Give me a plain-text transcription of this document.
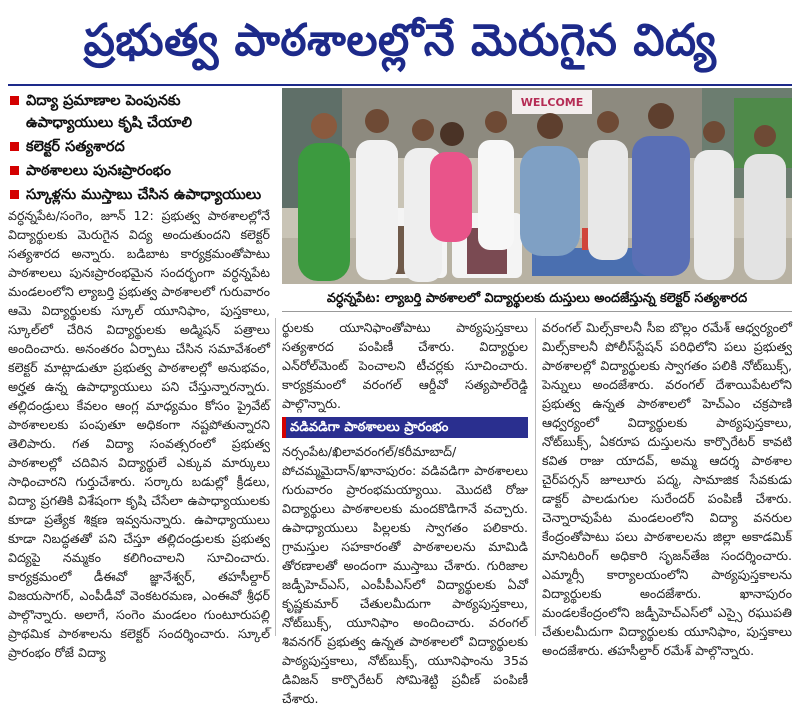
ప్రభుత్వ పాఠశాలల్లోనే మెరుగైన విద్య
విద్యా ప్రమాణాల పెంపునకు ఉపాధ్యాయులు కృషి చేయాలి
కలెక్టర్‌ సత్యశారద
పాఠశాలలు పునఃప్రారంభం
స్కూళ్లను ముస్తాబు చేసిన ఉపాధ్యాయులు

వర్ధన్నపేట/సంగెం, జూన్‌ 12: ప్రభుత్వ పాఠశాలల్లోనే విద్యార్థులకు మెరుగైన విద్య అందుతుందని కలెక్టర్‌ సత్యశారద అన్నారు. బడిబాట కార్యక్రమంతోపాటు పాఠశాలలు పునఃప్రారంభమైన సందర్భంగా వర్ధన్నపేట మండలంలోని ల్యాబర్తి ప్రభుత్వ పాఠశాలలో గురువారం ఆమె విద్యార్థులకు స్కూల్‌ యూనిఫాం, పుస్తకాలు, స్కూల్‌లో చేరిన విద్యార్థులకు అడ్మిషన్‌ పత్రాలు అందించారు. అనంతరం ఏర్పాటు చేసిన సమావేశంలో కలెక్టర్‌ మాట్లాడుతూ ప్రభుత్వ పాఠశాలల్లో అనుభవం, అర్హత ఉన్న ఉపాధ్యాయులు పని చేస్తున్నారన్నారు. తల్లిదండ్రులు కేవలం ఆంగ్ల మాధ్యమం కోసం ప్రైవేట్‌ పాఠశాలలకు పంపుతూ అధికంగా నష్టపోతున్నారని తెలిపారు. గత విద్యా సంవత్సరంలో ప్రభుత్వ పాఠశాలల్లో చదివిన విద్యార్థులే ఎక్కువ మార్కులు సాధించారని గుర్తుచేశారు. సర్కారు బడుల్లో క్రీడలు, విద్యా ప్రగతికి విశేషంగా కృషి చేసేలా ఉపాధ్యాయులకు కూడా ప్రత్యేక శిక్షణ ఇవ్వనున్నారు. ఉపాధ్యాయులు కూడా నిబద్ధతతో పని చేస్తూ తల్లిదండ్రులకు ప్రభుత్వ విద్యపై నమ్మకం కలిగించాలని సూచించారు. కార్యక్రమంలో డీఈవో జ్ఞానేశ్వర్‌, తహసీల్దార్‌ విజయసాగర్‌, ఎంపీడీవో వెంకటరమణ, ఎంఈవో శ్రీధర్‌ పాల్గొన్నారు. అలాగే, సంగెం మండలం గుంటూరుపల్లి ప్రాథమిక పాఠశాలను కలెక్టర్‌ సందర్శించారు. స్కూల్‌ ప్రారంభం రోజే విద్యా

WELCOME
వర్ధన్నపేట: ల్యాబర్తి పాఠశాలలో విద్యార్థులకు దుస్తులు అందజేస్తున్న కలెక్టర్‌ సత్యశారద

ర్థులకు యూనిఫాంతోపాటు పాఠ్యపుస్తకాలు సత్యశారద పంపిణీ చేశారు. విద్యార్థుల ఎన్‌రోల్‌మెంట్‌ పెంచాలని టీచర్లకు సూచించారు. కార్యక్రమంలో వరంగల్‌ ఆర్డీవో సత్యపాల్‌రెడ్డి పాల్గొన్నారు.

వడివడిగా పాఠశాలలు ప్రారంభం

నర్సంపేట/ఖిలావరంగల్‌/కరీమాబాద్‌/పోచమ్మమైదాన్‌/ఖానాపురం: వడివడిగా పాఠశాలలు గురువారం ప్రారంభమయ్యాయి. మొదటి రోజు విద్యార్థులు పాఠశాలలకు మందకొడిగానే వచ్చారు. ఉపాధ్యాయులు పిల్లలకు స్వాగతం పలికారు. గ్రామస్తుల సహకారంతో పాఠశాలలను మామిడి తోరణాలతో అందంగా ముస్తాబు చేశారు. గురిజాల జడ్పీహెచ్‌ఎస్‌, ఎంపీపీఎస్‌లో విద్యార్థులకు ఏవో కృష్ణకుమార్‌ చేతులమీదుగా పాఠ్యపుస్తకాలు, నోట్‌బుక్స్‌, యూనిఫాం అందించారు. వరంగల్‌ శివనగర్‌ ప్రభుత్వ ఉన్నత పాఠశాలలో విద్యార్థులకు పాఠ్యపుస్తకాలు, నోట్‌బుక్స్‌, యూనిఫాంను 35వ డివిజన్‌ కార్పొరేటర్‌ సోమిశెట్టి ప్రవీణ్‌ పంపిణీ చేశారు.

వరంగల్‌ మిల్స్‌కాలనీ సీఐ బొల్లం రమేశ్‌ ఆధ్వర్యంలో మిల్స్‌కాలనీ పోలీస్‌స్టేషన్‌ పరిధిలోని పలు ప్రభుత్వ పాఠశాలల్లో విద్యార్థులకు స్వాగతం పలికి నోట్‌బుక్స్‌, పెన్నులు అందజేశారు. వరంగల్‌ దేశాయిపేటలోని ప్రభుత్వ ఉన్నత పాఠశాలలో హెచ్‌ఎం చక్రపాణి ఆధ్వర్యంలో విద్యార్థులకు పాఠ్యపుస్తకాలు, నోట్‌బుక్స్‌, ఏకరూప దుస్తులను కార్పొరేటర్‌ కావటి కవిత రాజు యాదవ్‌, అమ్మ ఆదర్శ పాఠశాల చైర్‌పర్సన్‌ జూలూరు పద్మ, సామాజిక సేవకుడు డాక్టర్‌ పాలడుగుల సురేందర్‌ పంపిణీ చేశారు. చెన్నారావుపేట మండలంలోని విద్యా వనరుల కేంద్రంతోపాటు పలు పాఠశాలలను జిల్లా అకాడమిక్‌ మానిటరింగ్‌ అధికారి సృజన్‌తేజ సందర్శించారు. ఎమ్మార్సీ కార్యాలయంలోని పాఠ్యపుస్తకాలను విద్యార్థులకు అందజేశారు. ఖానాపురం మండలకేంద్రంలోని జడ్పీహెచ్‌ఎస్‌లో ఎస్సై రఘుపతి చేతులమీదుగా విద్యార్థులకు యూనిఫాం, పుస్తకాలు అందజేశారు. తహసీల్దార్‌ రమేశ్‌ పాల్గొన్నారు.
